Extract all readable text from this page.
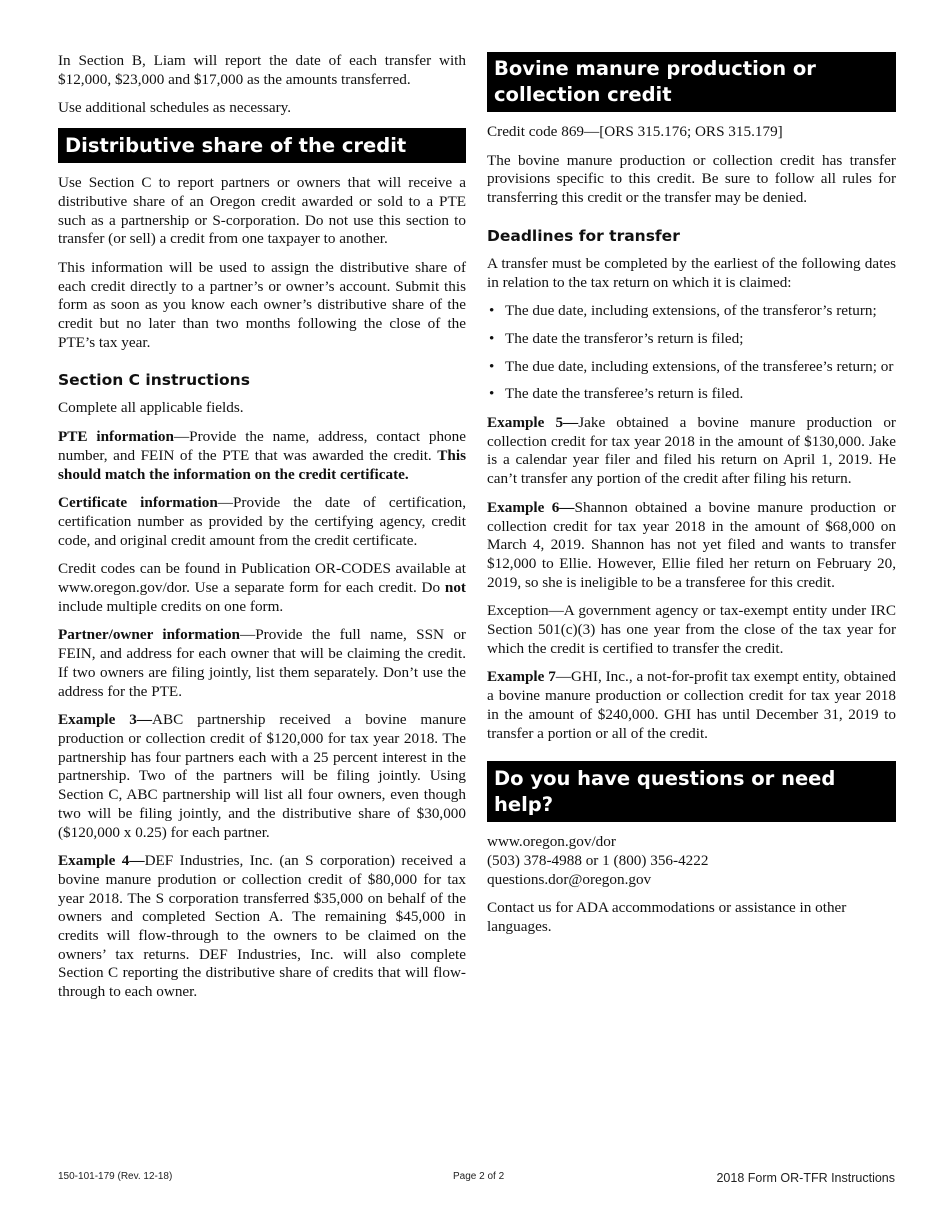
In Section B, Liam will report the date of each transfer with $12,000, $23,000 and $17,000 as the amounts transferred.

Use additional schedules as necessary.

Distributive share of the credit

Use Section C to report partners or owners that will receive a distributive share of an Oregon credit awarded or sold to a PTE such as a partnership or S-corporation. Do not use this section to transfer (or sell) a credit from one taxpayer to another.

This information will be used to assign the distributive share of each credit directly to a partner’s or owner’s account. Submit this form as soon as you know each owner’s distributive share of the credit but no later than two months following the close of the PTE’s tax year.

Section C instructions

Complete all applicable fields.

PTE information—Provide the name, address, contact phone number, and FEIN of the PTE that was awarded the credit. This should match the information on the credit certificate.

Certificate information—Provide the date of certification, certification number as provided by the certifying agency, credit code, and original credit amount from the credit certificate.

Credit codes can be found in Publication OR-CODES available at www.oregon.gov/dor. Use a separate form for each credit. Do not include multiple credits on one form.

Partner/owner information—Provide the full name, SSN or FEIN, and address for each owner that will be claiming the credit. If two owners are filing jointly, list them separately. Don’t use the address for the PTE.

Example 3—ABC partnership received a bovine manure production or collection credit of $120,000 for tax year 2018. The partnership has four partners each with a 25 percent interest in the partnership. Two of the partners will be filing jointly. Using Section C, ABC partnership will list all four owners, even though two will be filing jointly, and the distributive share of $30,000 ($120,000 x 0.25) for each partner.

Example 4—DEF Industries, Inc. (an S corporation) received a bovine manure prodution or collection credit of $80,000 for tax year 2018. The S corporation transferred $35,000 on behalf of the owners and completed Section A. The remaining $45,000 in credits will flow-through to the owners to be claimed on the owners’ tax returns. DEF Industries, Inc. will also complete Section C reporting the distributive share of credits that will flow-through to each owner.

Bovine manure production or collection credit

Credit code 869—[ORS 315.176; ORS 315.179]

The bovine manure production or collection credit has transfer provisions specific to this credit. Be sure to follow all rules for transferring this credit or the transfer may be denied.

Deadlines for transfer

A transfer must be completed by the earliest of the following dates in relation to the tax return on which it is claimed:

• The due date, including extensions, of the transferor’s return;
• The date the transferor’s return is filed;
• The due date, including extensions, of the transferee’s return; or
• The date the transferee’s return is filed.

Example 5—Jake obtained a bovine manure production or collection credit for tax year 2018 in the amount of $130,000. Jake is a calendar year filer and filed his return on April 1, 2019. He can’t transfer any portion of the credit after filing his return.

Example 6—Shannon obtained a bovine manure production or collection credit for tax year 2018 in the amount of $68,000 on March 4, 2019. Shannon has not yet filed and wants to transfer $12,000 to Ellie. However, Ellie filed her return on February 20, 2019, so she is ineligible to be a transferee for this credit.

Exception—A government agency or tax-exempt entity under IRC Section 501(c)(3) has one year from the close of the tax year for which the credit is certified to transfer the credit.

Example 7—GHI, Inc., a not-for-profit tax exempt entity, obtained a bovine manure production or collection credit for tax year 2018 in the amount of $240,000. GHI has until December 31, 2019 to transfer a portion or all of the credit.

Do you have questions or need help?

www.oregon.gov/dor

(503) 378-4988 or 1 (800) 356-4222

questions.dor@oregon.gov

Contact us for ADA accommodations or assistance in other languages.

150-101-179 (Rev. 12-18)	Page 2 of 2	2018 Form OR-TFR Instructions
